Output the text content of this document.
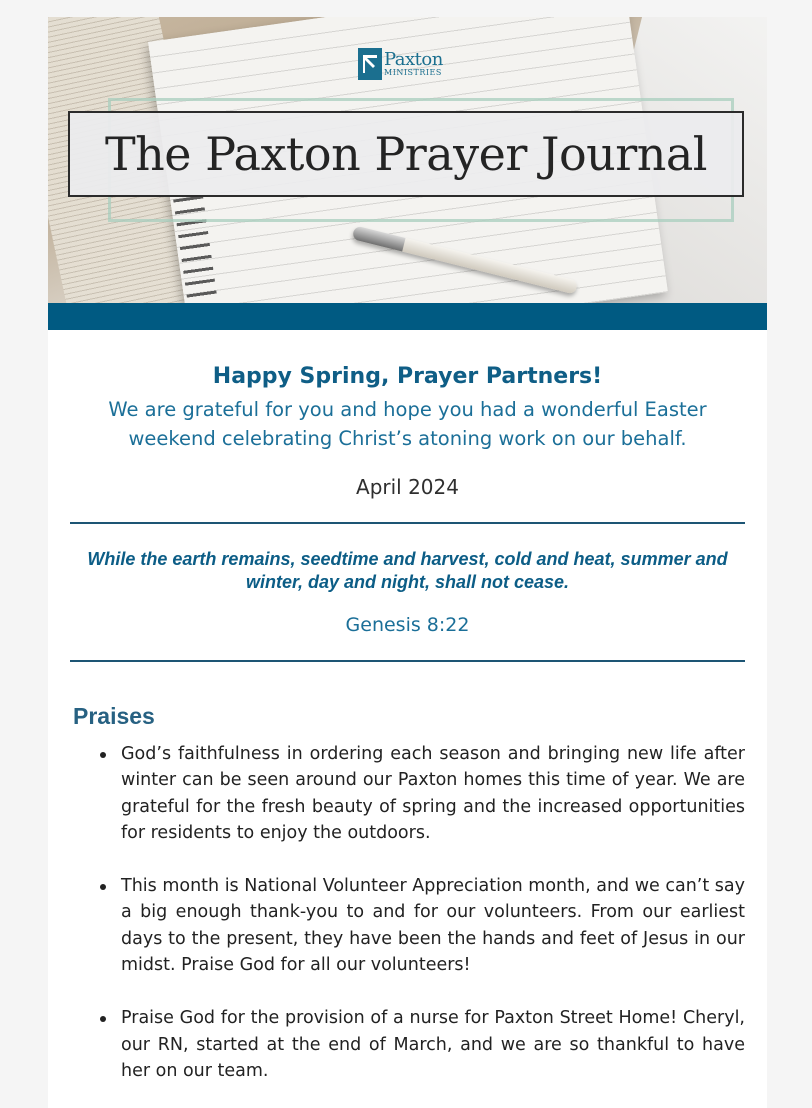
Paxton
MINISTRIES
The Paxton Prayer Journal

Happy Spring, Prayer Partners!

We are grateful for you and hope you had a wonderful Easter weekend celebrating Christ’s atoning work on our behalf.

April 2024

While the earth remains, seedtime and harvest, cold and heat, summer and winter, day and night, shall not cease.

Genesis 8:22

Praises
God’s faithfulness in ordering each season and bringing new life after winter can be seen around our Paxton homes this time of year. We are grateful for the fresh beauty of spring and the increased opportunities for residents to enjoy the outdoors.
This month is National Volunteer Appreciation month, and we can’t say a big enough thank-you to and for our volunteers. From our earliest days to the present, they have been the hands and feet of Jesus in our midst. Praise God for all our volunteers!
Praise God for the provision of a nurse for Paxton Street Home! Cheryl, our RN, started at the end of March, and we are so thankful to have her on our team.
